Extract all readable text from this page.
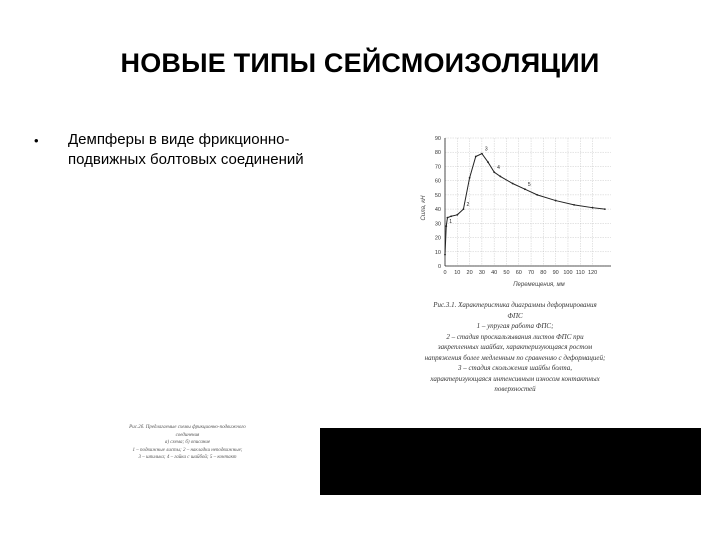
НОВЫЕ ТИПЫ СЕЙСМОИЗОЛЯЦИИ
• Демпферы в виде фрикционно-
подвижных болтовых соединений
0
10
20
30
40
50
60
70
80
90
0 10 20 30 40 50 60 70 80 90 100 110 120
1
2
3
4
5
Перемещения, мм
Сила, кН
Рис.3.1. Характеристика диаграммы деформирования
ФПС
1 – упругая работа ФПС;
2 – стадия проскальзывания листов ФПС при
закрепленных шайбах, характеризующаяся ростом
напряжения более медленным по сравнению с деформацией;
3 – стадия скольжения шайбы болта,
характеризующаяся интенсивным износом контактных
поверхностей
Рис.2б. Предлагаемые схемы фрикционно-подвижного
соединения
а) схема; б) описание
1 – подвижные листы; 2 – накладки неподвижные;
3 – шпилька; 4 – гайка с шайбой; 5 – контакт
